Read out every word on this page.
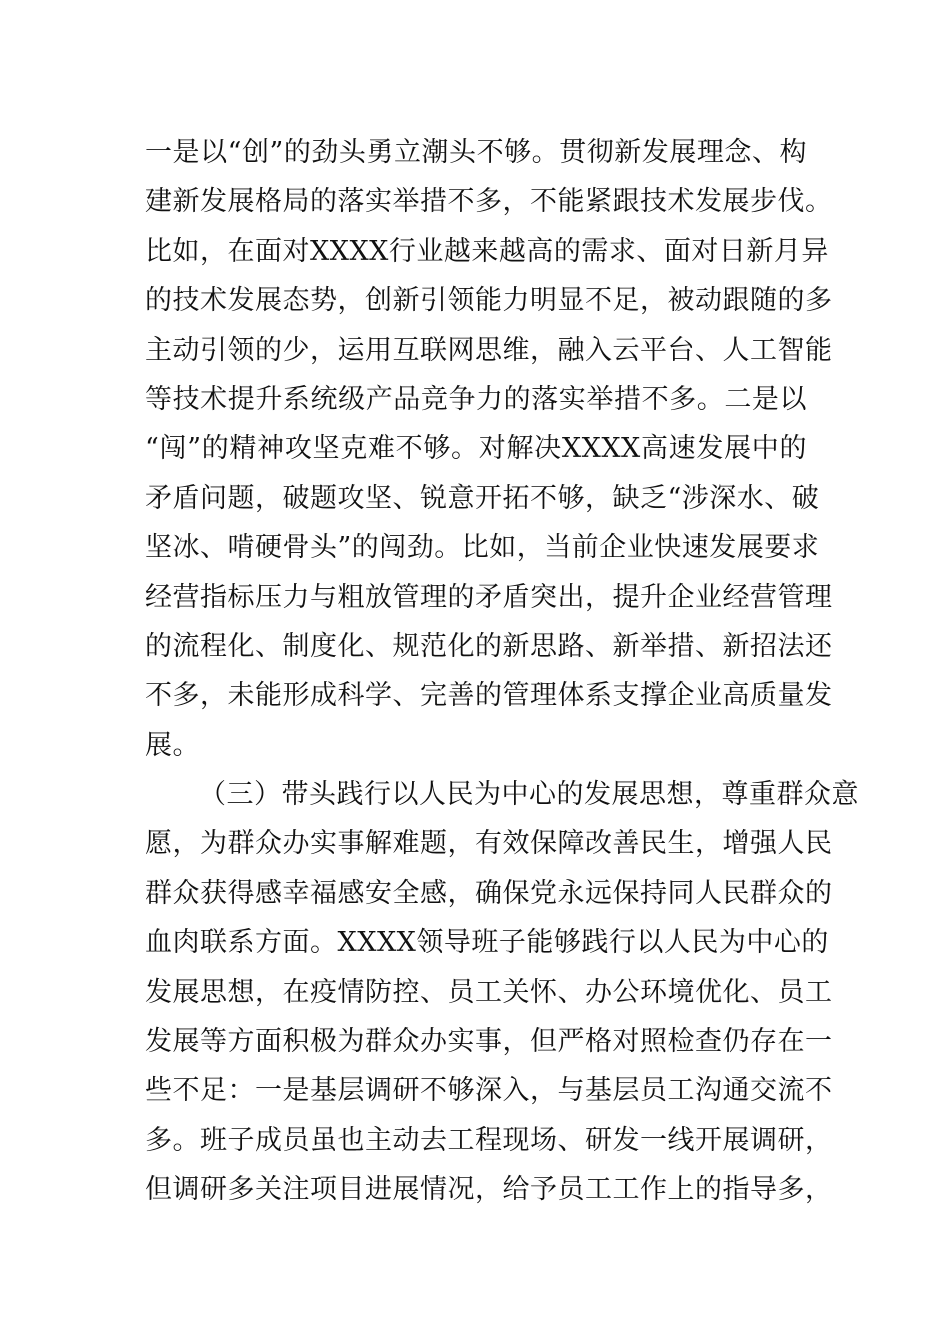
一是以“创”的劲头勇立潮头不够。贯彻新发展理念、构
建新发展格局的落实举措不多，不能紧跟技术发展步伐。
比如，在面对XXXX行业越来越高的需求、面对日新月异
的技术发展态势，创新引领能力明显不足，被动跟随的多
主动引领的少，运用互联网思维，融入云平台、人工智能
等技术提升系统级产品竞争力的落实举措不多。二是以
“闯”的精神攻坚克难不够。对解决XXXX高速发展中的
矛盾问题，破题攻坚、锐意开拓不够，缺乏“涉深水、破
坚冰、啃硬骨头”的闯劲。比如，当前企业快速发展要求
经营指标压力与粗放管理的矛盾突出，提升企业经营管理
的流程化、制度化、规范化的新思路、新举措、新招法还
不多，未能形成科学、完善的管理体系支撑企业高质量发
展。
（三）带头践行以人民为中心的发展思想，尊重群众意
愿，为群众办实事解难题，有效保障改善民生，增强人民
群众获得感幸福感安全感，确保党永远保持同人民群众的
血肉联系方面。XXXX领导班子能够践行以人民为中心的
发展思想，在疫情防控、员工关怀、办公环境优化、员工
发展等方面积极为群众办实事，但严格对照检查仍存在一
些不足：一是基层调研不够深入，与基层员工沟通交流不
多。班子成员虽也主动去工程现场、研发一线开展调研，
但调研多关注项目进展情况，给予员工工作上的指导多，
